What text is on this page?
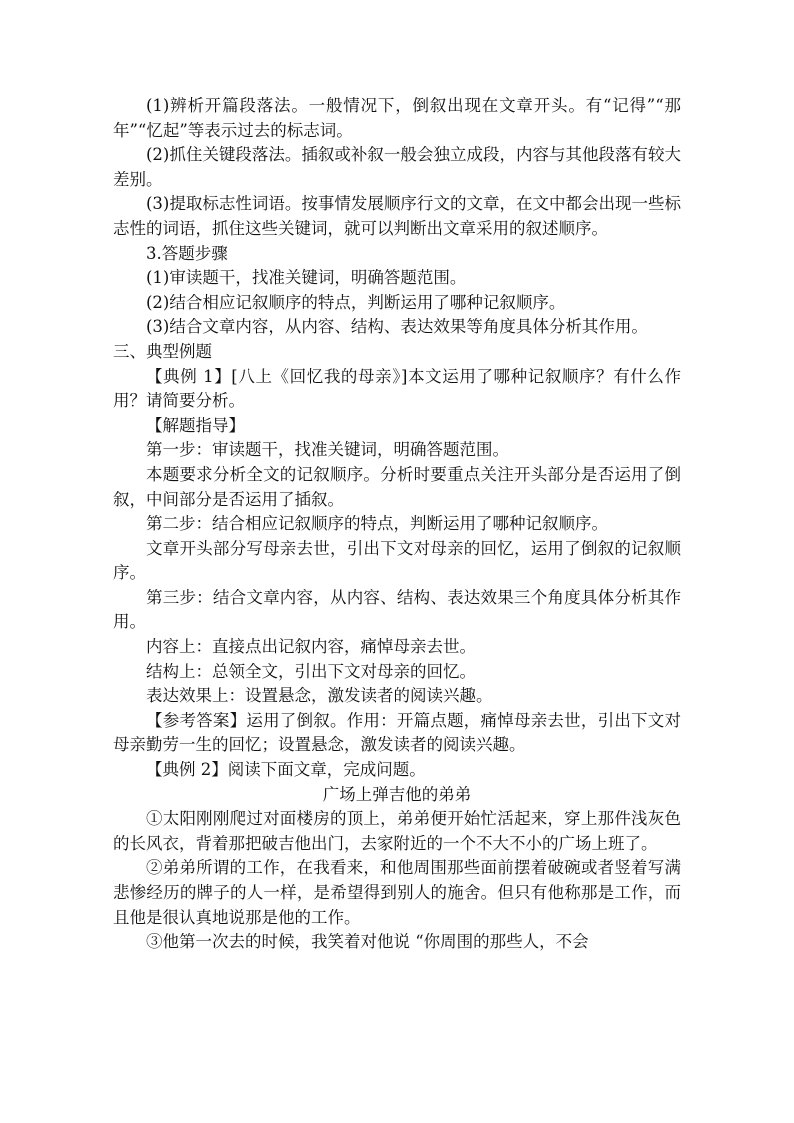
(1)辨析开篇段落法。一般情况下，倒叙出现在文章开头。有“记得”“那年”“忆起”等表示过去的标志词。

(2)抓住关键段落法。插叙或补叙一般会独立成段，内容与其他段落有较大差别。

(3)提取标志性词语。按事情发展顺序行文的文章，在文中都会出现一些标志性的词语，抓住这些关键词，就可以判断出文章采用的叙述顺序。

3.答题步骤

(1)审读题干，找准关键词，明确答题范围。

(2)结合相应记叙顺序的特点，判断运用了哪种记叙顺序。

(3)结合文章内容，从内容、结构、表达效果等角度具体分析其作用。

三、典型例题

【典例 1】[八上《回忆我的母亲》]本文运用了哪种记叙顺序？有什么作用？请简要分析。

【解题指导】

第一步：审读题干，找准关键词，明确答题范围。

本题要求分析全文的记叙顺序。分析时要重点关注开头部分是否运用了倒叙，中间部分是否运用了插叙。

第二步：结合相应记叙顺序的特点，判断运用了哪种记叙顺序。

文章开头部分写母亲去世，引出下文对母亲的回忆，运用了倒叙的记叙顺序。

第三步：结合文章内容，从内容、结构、表达效果三个角度具体分析其作用。

内容上：直接点出记叙内容，痛悼母亲去世。

结构上：总领全文，引出下文对母亲的回忆。

表达效果上：设置悬念，激发读者的阅读兴趣。

【参考答案】运用了倒叙。作用：开篇点题，痛悼母亲去世，引出下文对母亲勤劳一生的回忆；设置悬念，激发读者的阅读兴趣。

【典例 2】阅读下面文章，完成问题。

广场上弹吉他的弟弟

①太阳刚刚爬过对面楼房的顶上，弟弟便开始忙活起来，穿上那件浅灰色的长风衣，背着那把破吉他出门，去家附近的一个不大不小的广场上班了。

②弟弟所谓的工作，在我看来，和他周围那些面前摆着破碗或者竖着写满悲惨经历的牌子的人一样，是希望得到别人的施舍。但只有他称那是工作，而且他是很认真地说那是他的工作。

③他第一次去的时候，我笑着对他说 “你周围的那些人，不会
